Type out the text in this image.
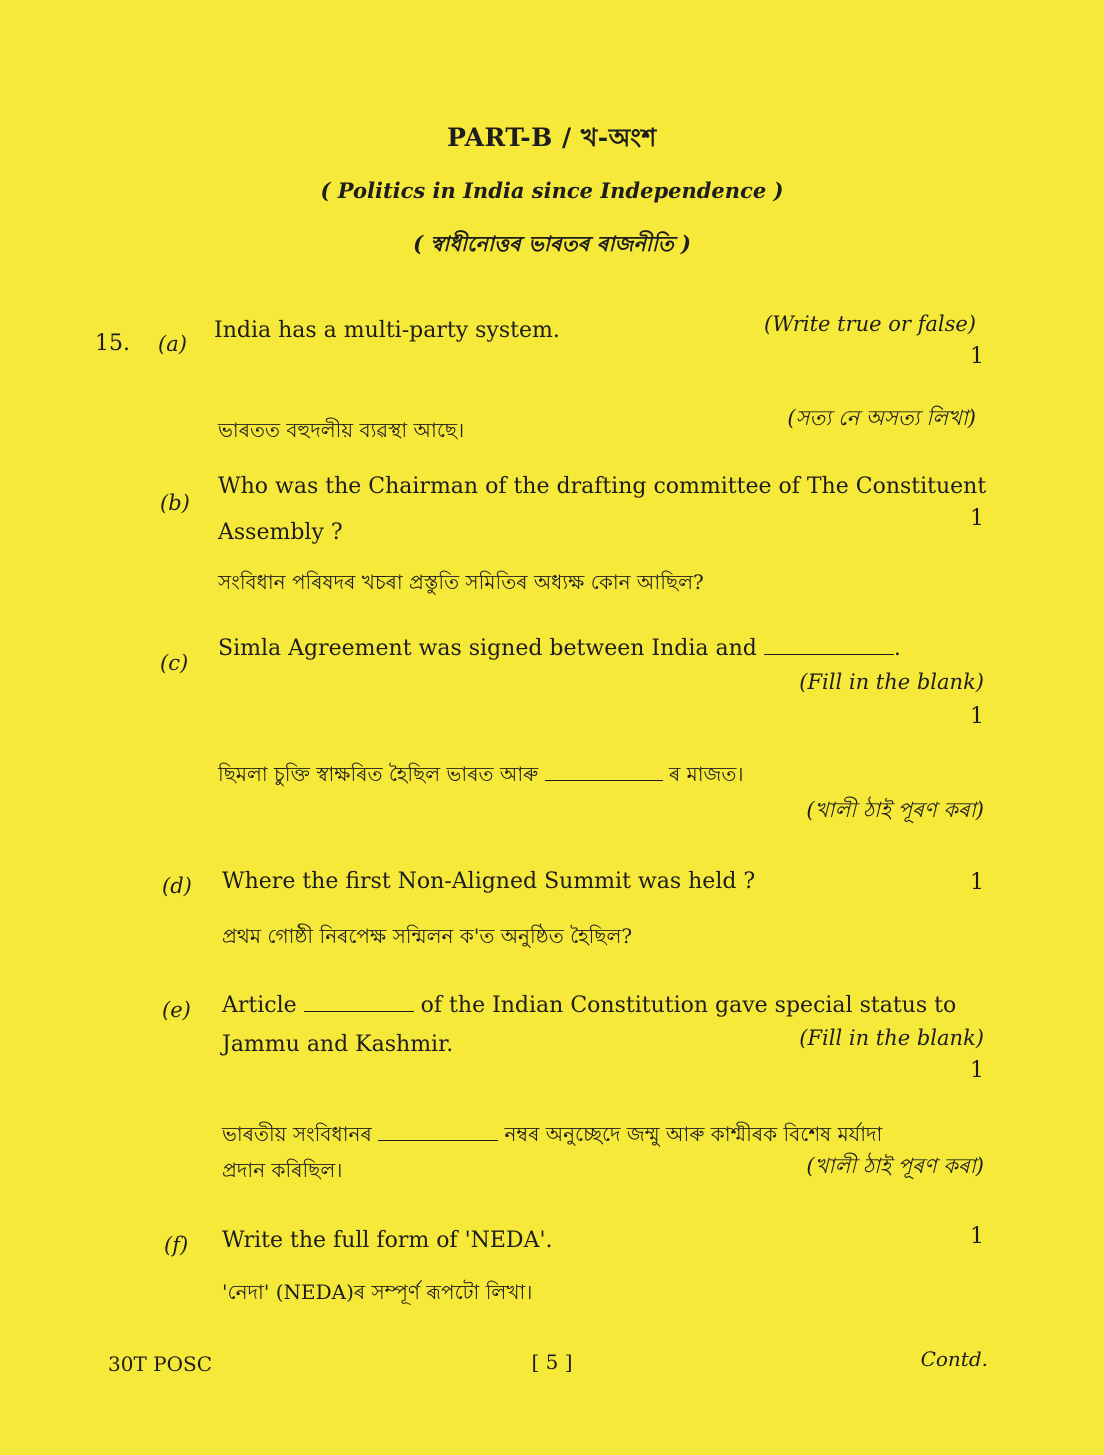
PART-B / খ-অংশ
( Politics in India since Independence )
( স্বাধীনোত্তৰ ভাৰতৰ ৰাজনীতি )
15. (a)
India has a multi-party system.	(Write true or false)
1
ভাৰতত বহুদলীয় ব্যৱস্থা আছে।	(সত্য নে অসত্য লিখা)
(b)
Who was the Chairman of the drafting committee of The Constituent
Assembly ?
1
সংবিধান পৰিষদৰ খচৰা প্ৰস্তুতি সমিতিৰ অধ্যক্ষ কোন আছিল?
(c)
Simla Agreement was signed between India and	.
(Fill in the blank)
1
ছিমলা চুক্তি স্বাক্ষৰিত হৈছিল ভাৰত আৰু	ৰ মাজত।
(খালী ঠাই পূৰণ কৰা)
(d) Where the first Non-Aligned Summit was held ?	1
প্ৰথম গোষ্ঠী নিৰপেক্ষ সন্মিলন ক'ত অনুষ্ঠিত হৈছিল?
(e) Article	of the Indian Constitution gave special status to
Jammu and Kashmir.	(Fill in the blank)
1
ভাৰতীয় সংবিধানৰ	নম্বৰ অনুচ্ছেদে জম্মু আৰু কাশ্মীৰক বিশেষ মৰ্যাদা
প্ৰদান কৰিছিল।	(খালী ঠাই পূৰণ কৰা)
(f) Write the full form of 'NEDA'.	1
'নেদা' (NEDA)ৰ সম্পূৰ্ণ ৰূপটো লিখা।
30T POSC	[ 5 ]	Contd.
